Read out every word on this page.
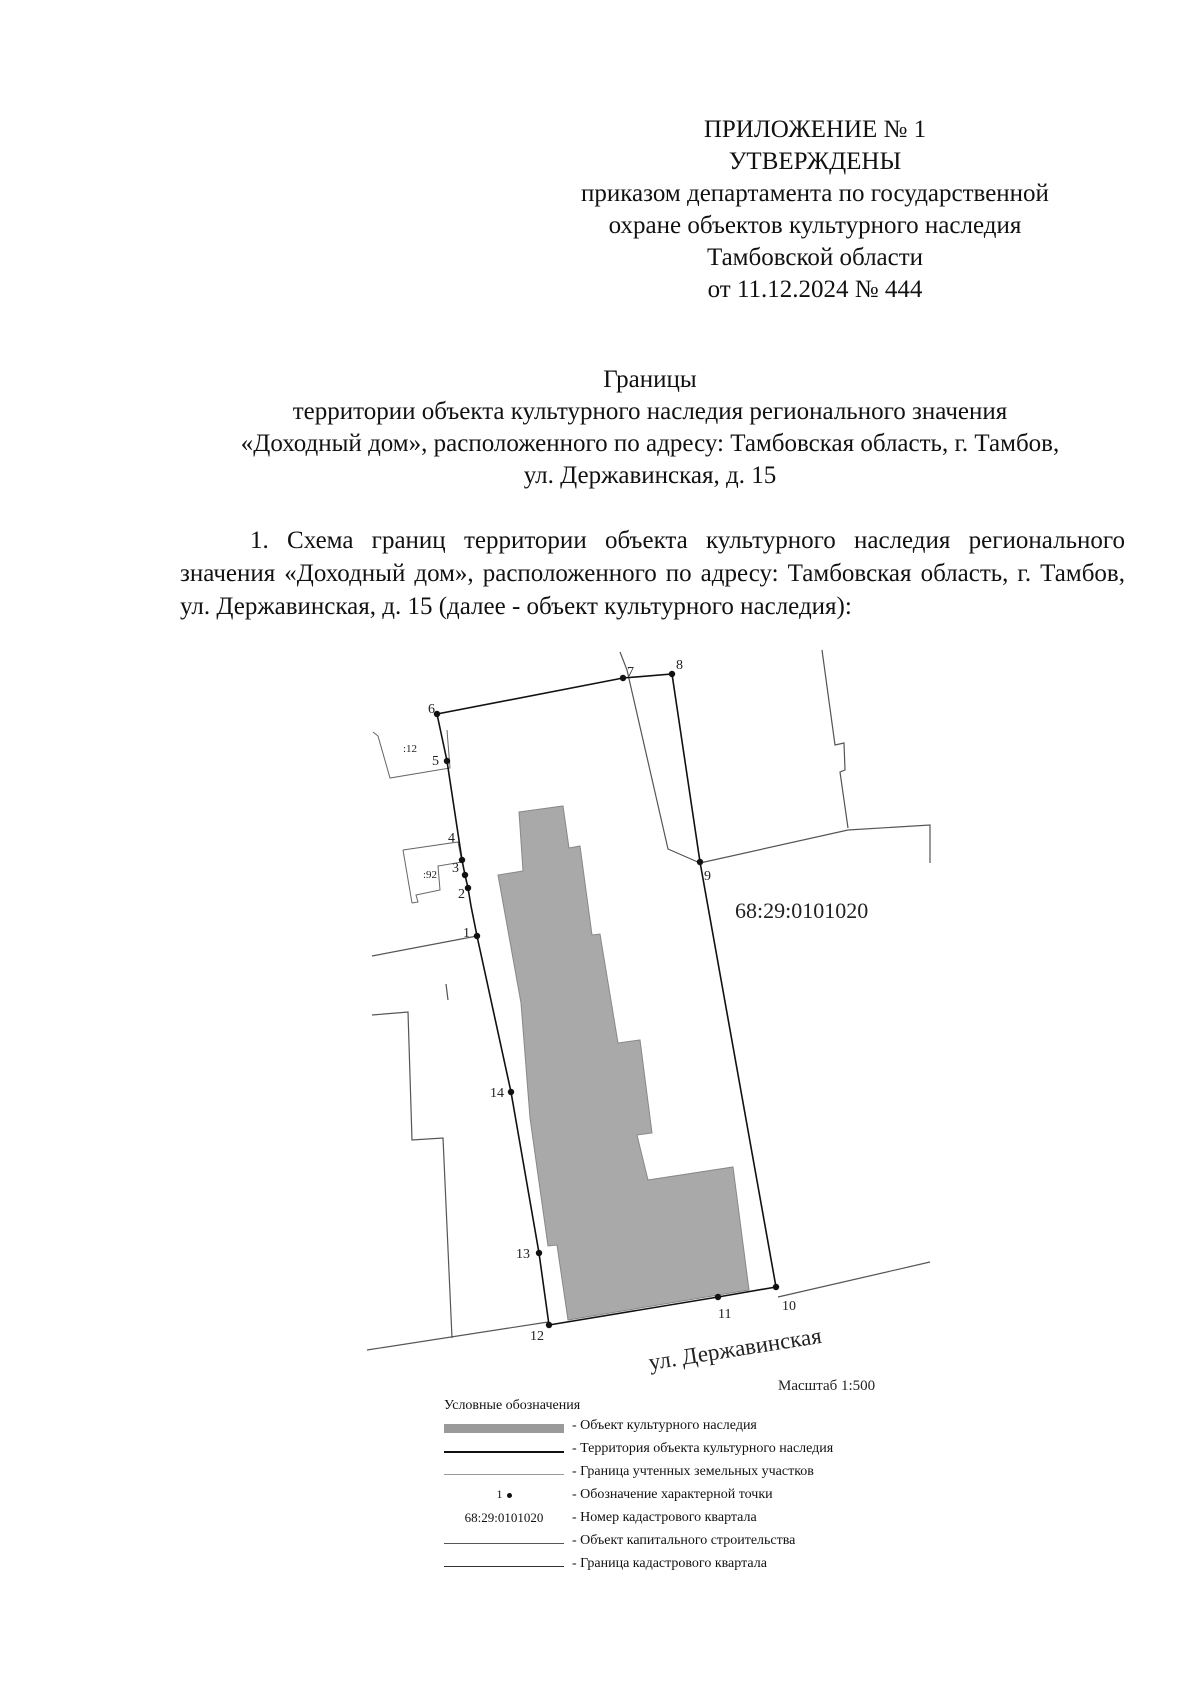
ПРИЛОЖЕНИЕ № 1
УТВЕРЖДЕНЫ
приказом департамента по государственной
охране объектов культурного наследия
Тамбовской области
от 11.12.2024 № 444
Границы
территории объекта культурного наследия регионального значения
«Доходный дом», расположенного по адресу: Тамбовская область, г. Тамбов,
ул. Державинская, д. 15
1. Схема границ территории объекта культурного наследия регионального значения «Доходный дом», расположенного по адресу: Тамбовская область, г. Тамбов, ул. Державинская, д. 15 (далее - объект культурного наследия):
:12
:92
1
2
3
4
5
6
7	8
9
10
11
12
13
14
68:29:0101020
ул. Державинская
Масштаб 1:500
Условные обозначения
- Объект культурного наследия
- Территория объекта культурного наследия
- Граница учтенных земельных участков
1	- Обозначение характерной точки
68:29:0101020	- Номер кадастрового квартала
- Объект капитального строительства
- Граница кадастрового квартала
